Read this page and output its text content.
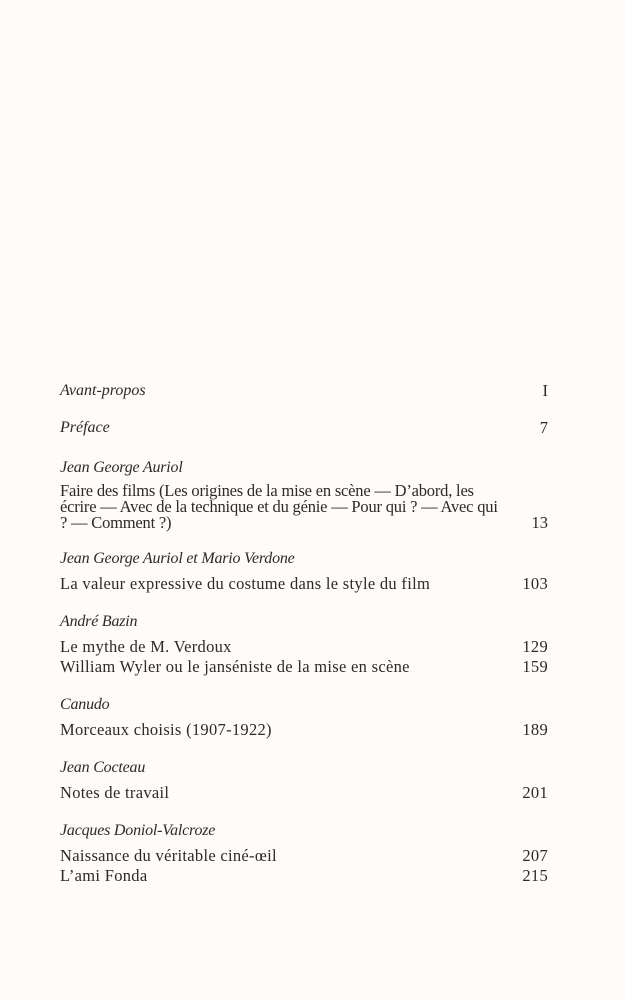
Avant-propos	I
Préface	7
Jean George Auriol
Faire des films (Les origines de la mise en scène — D’abord, les écrire — Avec de la technique et du génie — Pour qui ? — Avec qui ? — Comment ?)	13
Jean George Auriol et Mario Verdone
La valeur expressive du costume dans le style du film	103
André Bazin
Le mythe de M. Verdoux	129
William Wyler ou le janséniste de la mise en scène	159
Canudo
Morceaux choisis (1907-1922)	189
Jean Cocteau
Notes de travail	201
Jacques Doniol-Valcroze
Naissance du véritable ciné-œil	207
L’ami Fonda	215
